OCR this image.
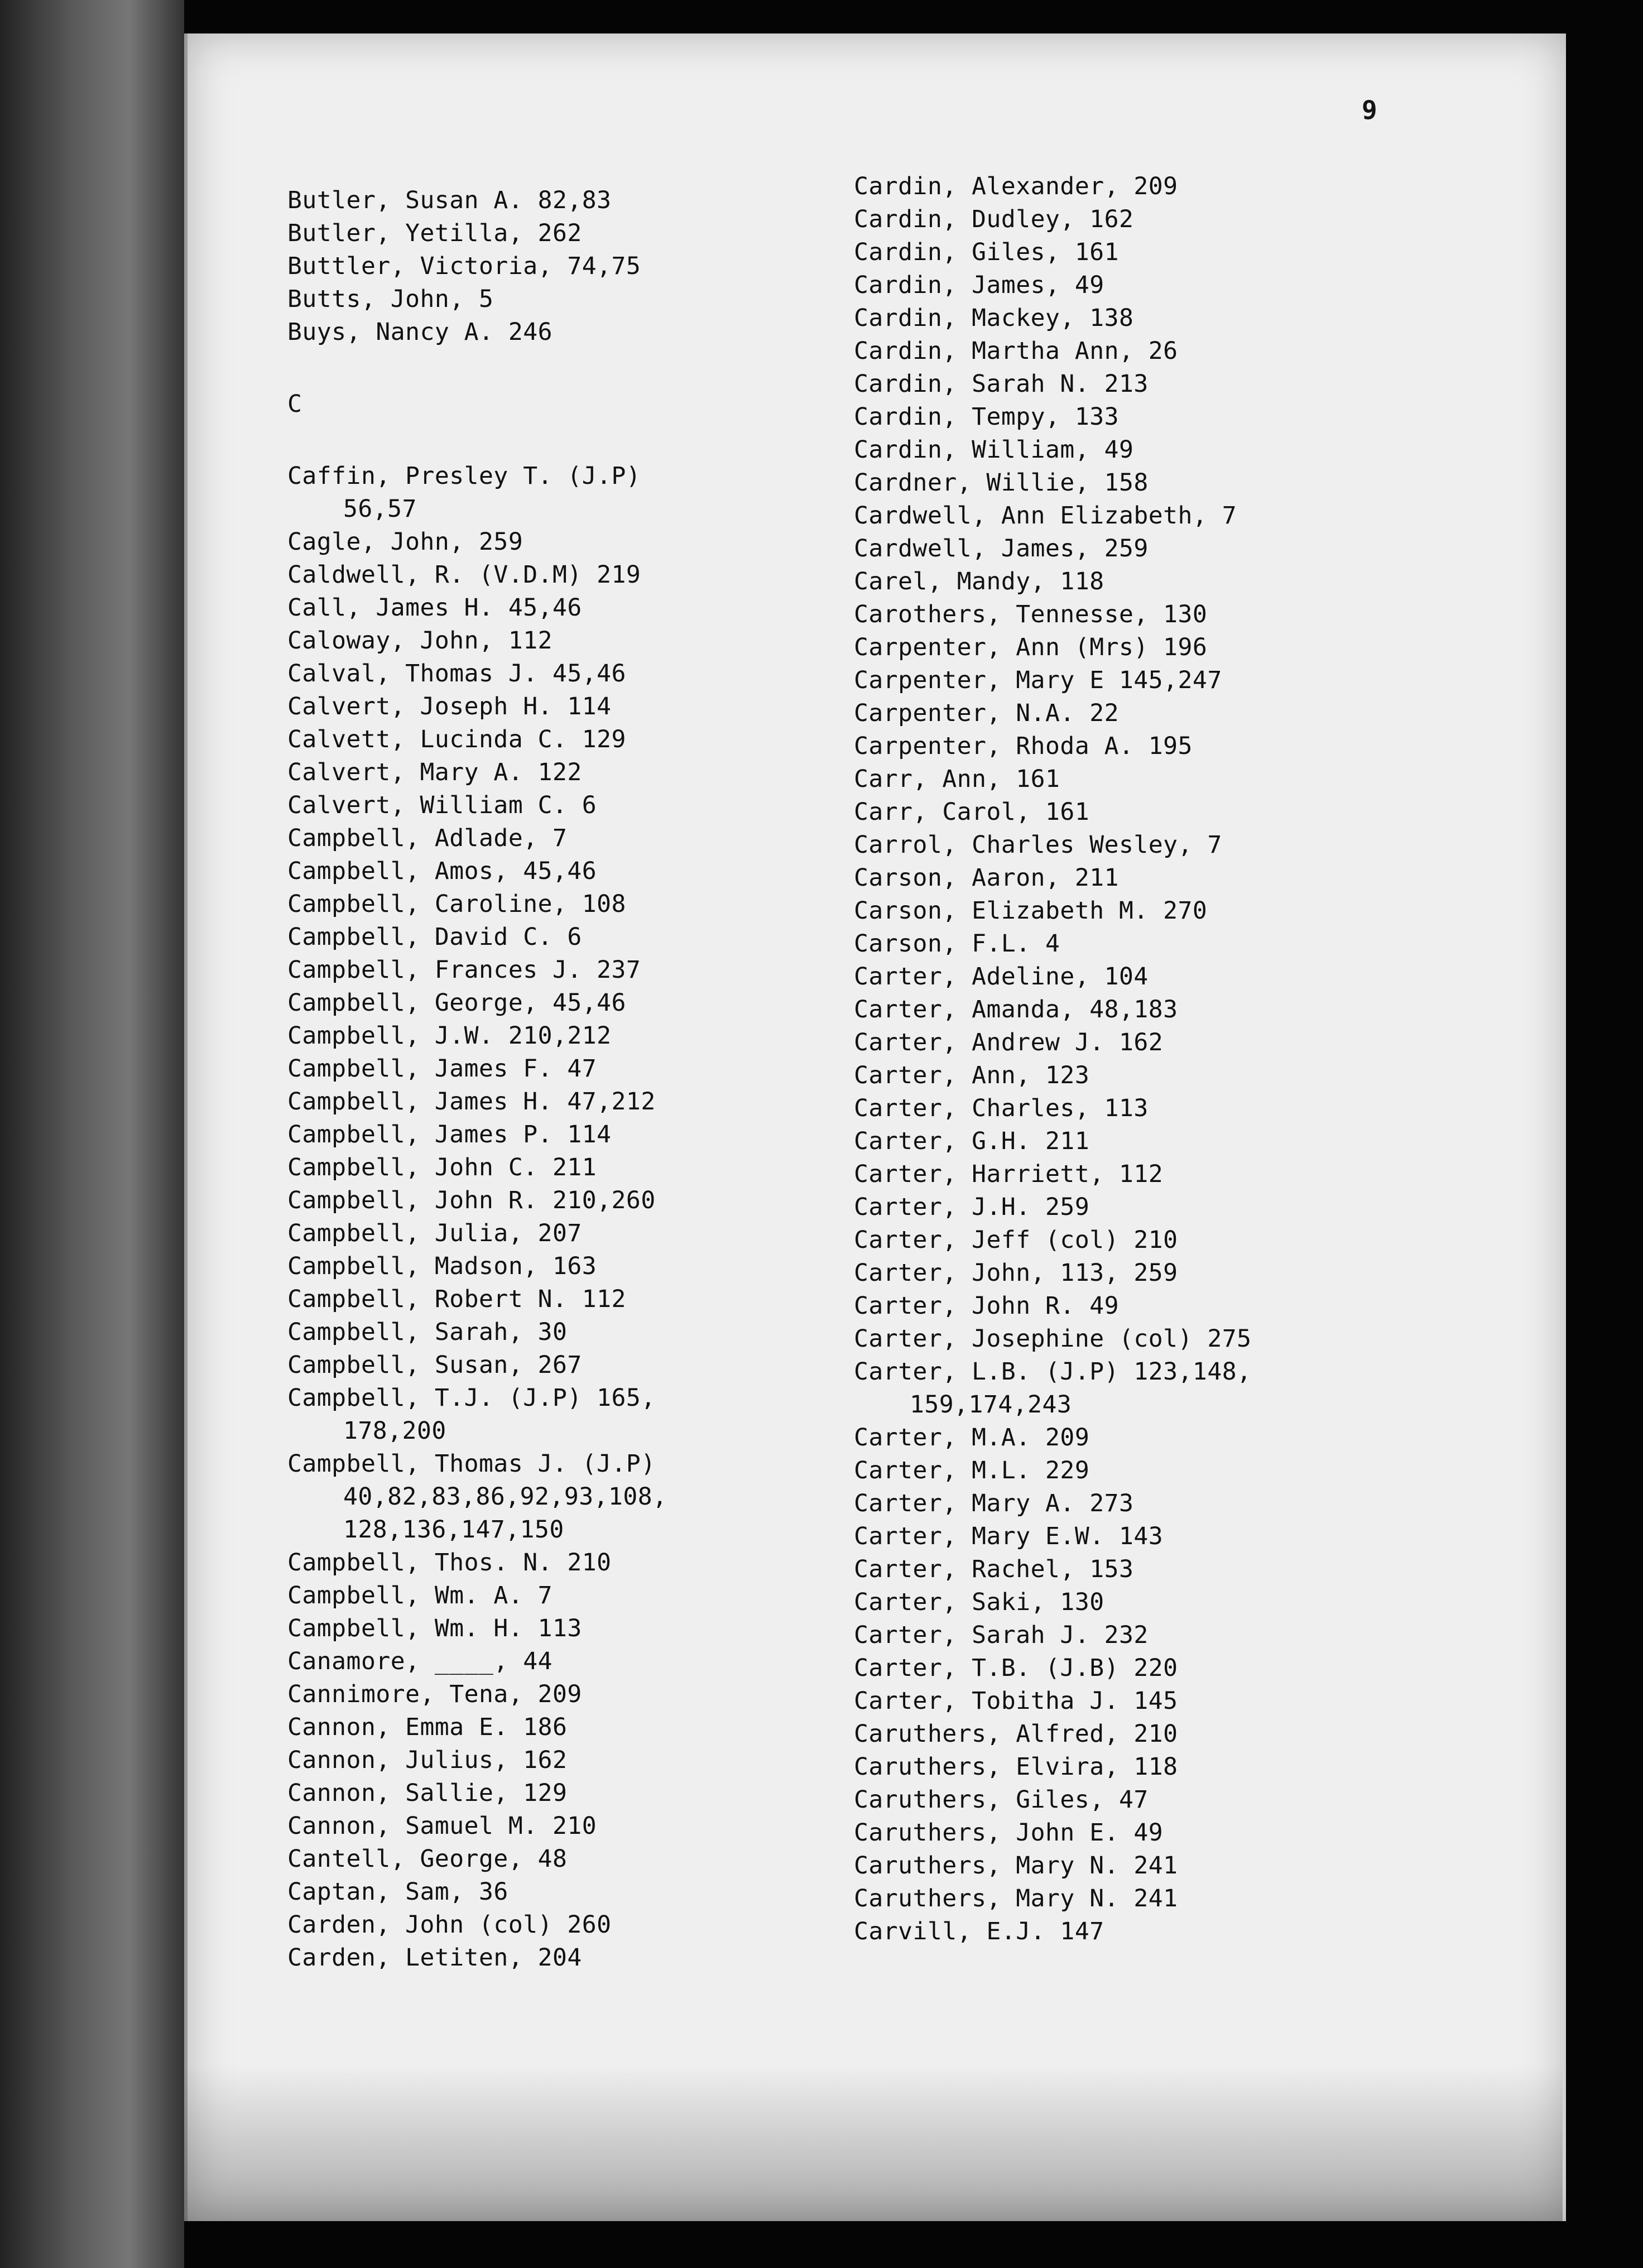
9
Butler, Susan A. 82,83
Butler, Yetilla, 262
Buttler, Victoria, 74,75
Butts, John, 5
Buys, Nancy A. 246
C
Caffin, Presley T. (J.P)
56,57
Cagle, John, 259
Caldwell, R. (V.D.M) 219
Call, James H. 45,46
Caloway, John, 112
Calval, Thomas J. 45,46
Calvert, Joseph H. 114
Calvett, Lucinda C. 129
Calvert, Mary A. 122
Calvert, William C. 6
Campbell, Adlade, 7
Campbell, Amos, 45,46
Campbell, Caroline, 108
Campbell, David C. 6
Campbell, Frances J. 237
Campbell, George, 45,46
Campbell, J.W. 210,212
Campbell, James F. 47
Campbell, James H. 47,212
Campbell, James P. 114
Campbell, John C. 211
Campbell, John R. 210,260
Campbell, Julia, 207
Campbell, Madson, 163
Campbell, Robert N. 112
Campbell, Sarah, 30
Campbell, Susan, 267
Campbell, T.J. (J.P) 165,
178,200
Campbell, Thomas J. (J.P)
40,82,83,86,92,93,108,
128,136,147,150
Campbell, Thos. N. 210
Campbell, Wm. A. 7
Campbell, Wm. H. 113
Canamore, ____, 44
Cannimore, Tena, 209
Cannon, Emma E. 186
Cannon, Julius, 162
Cannon, Sallie, 129
Cannon, Samuel M. 210
Cantell, George, 48
Captan, Sam, 36
Carden, John (col) 260
Carden, Letiten, 204
Cardin, Alexander, 209
Cardin, Dudley, 162
Cardin, Giles, 161
Cardin, James, 49
Cardin, Mackey, 138
Cardin, Martha Ann, 26
Cardin, Sarah N. 213
Cardin, Tempy, 133
Cardin, William, 49
Cardner, Willie, 158
Cardwell, Ann Elizabeth, 7
Cardwell, James, 259
Carel, Mandy, 118
Carothers, Tennesse, 130
Carpenter, Ann (Mrs) 196
Carpenter, Mary E 145,247
Carpenter, N.A. 22
Carpenter, Rhoda A. 195
Carr, Ann, 161
Carr, Carol, 161
Carrol, Charles Wesley, 7
Carson, Aaron, 211
Carson, Elizabeth M. 270
Carson, F.L. 4
Carter, Adeline, 104
Carter, Amanda, 48,183
Carter, Andrew J. 162
Carter, Ann, 123
Carter, Charles, 113
Carter, G.H. 211
Carter, Harriett, 112
Carter, J.H. 259
Carter, Jeff (col) 210
Carter, John, 113, 259
Carter, John R. 49
Carter, Josephine (col) 275
Carter, L.B. (J.P) 123,148,
159,174,243
Carter, M.A. 209
Carter, M.L. 229
Carter, Mary A. 273
Carter, Mary E.W. 143
Carter, Rachel, 153
Carter, Saki, 130
Carter, Sarah J. 232
Carter, T.B. (J.B) 220
Carter, Tobitha J. 145
Caruthers, Alfred, 210
Caruthers, Elvira, 118
Caruthers, Giles, 47
Caruthers, John E. 49
Caruthers, Mary N. 241
Caruthers, Mary N. 241
Carvill, E.J. 147
